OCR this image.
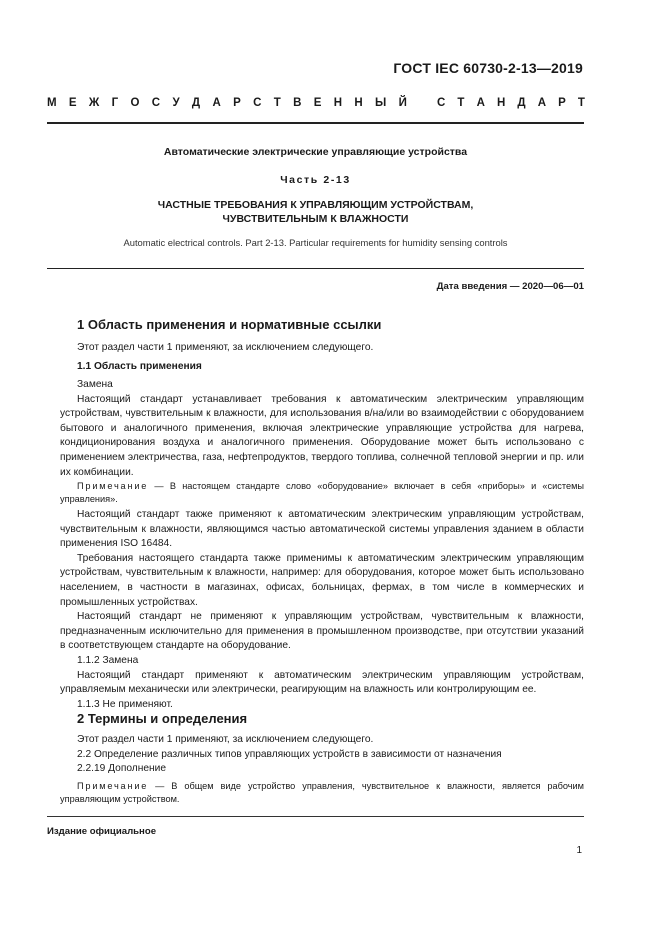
ГОСТ IEC 60730-2-13—2019
М Е Ж Г О С У Д А Р С Т В Е Н Н Ы Й	С Т А Н Д А Р Т
Автоматические электрические управляющие устройства
Часть 2-13
ЧАСТНЫЕ ТРЕБОВАНИЯ К УПРАВЛЯЮЩИМ УСТРОЙСТВАМ,
ЧУВСТВИТЕЛЬНЫМ К ВЛАЖНОСТИ
Automatic electrical controls. Part 2-13. Particular requirements for humidity sensing controls
Дата введения — 2020—06—01
1 Область применения и нормативные ссылки
Этот раздел части 1 применяют, за исключением следующего.
1.1 Область применения

Замена

Настоящий стандарт устанавливает требования к автоматическим электрическим управляющим устройствам, чувствительным к влажности, для использования в/на/или во взаимодействии с оборудованием бытового и аналогичного применения, включая электрические управляющие устройства для нагрева, кондиционирования воздуха и аналогичного применения. Оборудование может быть использовано с применением электричества, газа, нефтепродуктов, твердого топлива, солнечной тепловой энергии и пр. или их комбинации.

Примечание — В настоящем стандарте слово «оборудование» включает в себя «приборы» и «системы управления».

Настоящий стандарт также применяют к автоматическим электрическим управляющим устройствам, чувствительным к влажности, являющимся частью автоматической системы управления зданием в области применения ISO 16484.

Требования настоящего стандарта также применимы к автоматическим электрическим управляющим устройствам, чувствительным к влажности, например: для оборудования, которое может быть использовано населением, в частности в магазинах, офисах, больницах, фермах, в том числе в коммерческих и промышленных устройствах.

Настоящий стандарт не применяют к управляющим устройствам, чувствительным к влажности, предназначенным исключительно для применения в промышленном производстве, при отсутствии указаний в соответствующем стандарте на оборудование.

1.1.2 Замена

Настоящий стандарт применяют к автоматическим электрическим управляющим устройствам, управляемым механически или электрически, реагирующим на влажность или контролирующим ее.

1.1.3 Не применяют.

2 Термины и определения

Этот раздел части 1 применяют, за исключением следующего.

2.2 Определение различных типов управляющих устройств в зависимости от назначения

2.2.19 Дополнение

Примечание — В общем виде устройство управления, чувствительное к влажности, является рабочим управляющим устройством.

Издание официальное
1
